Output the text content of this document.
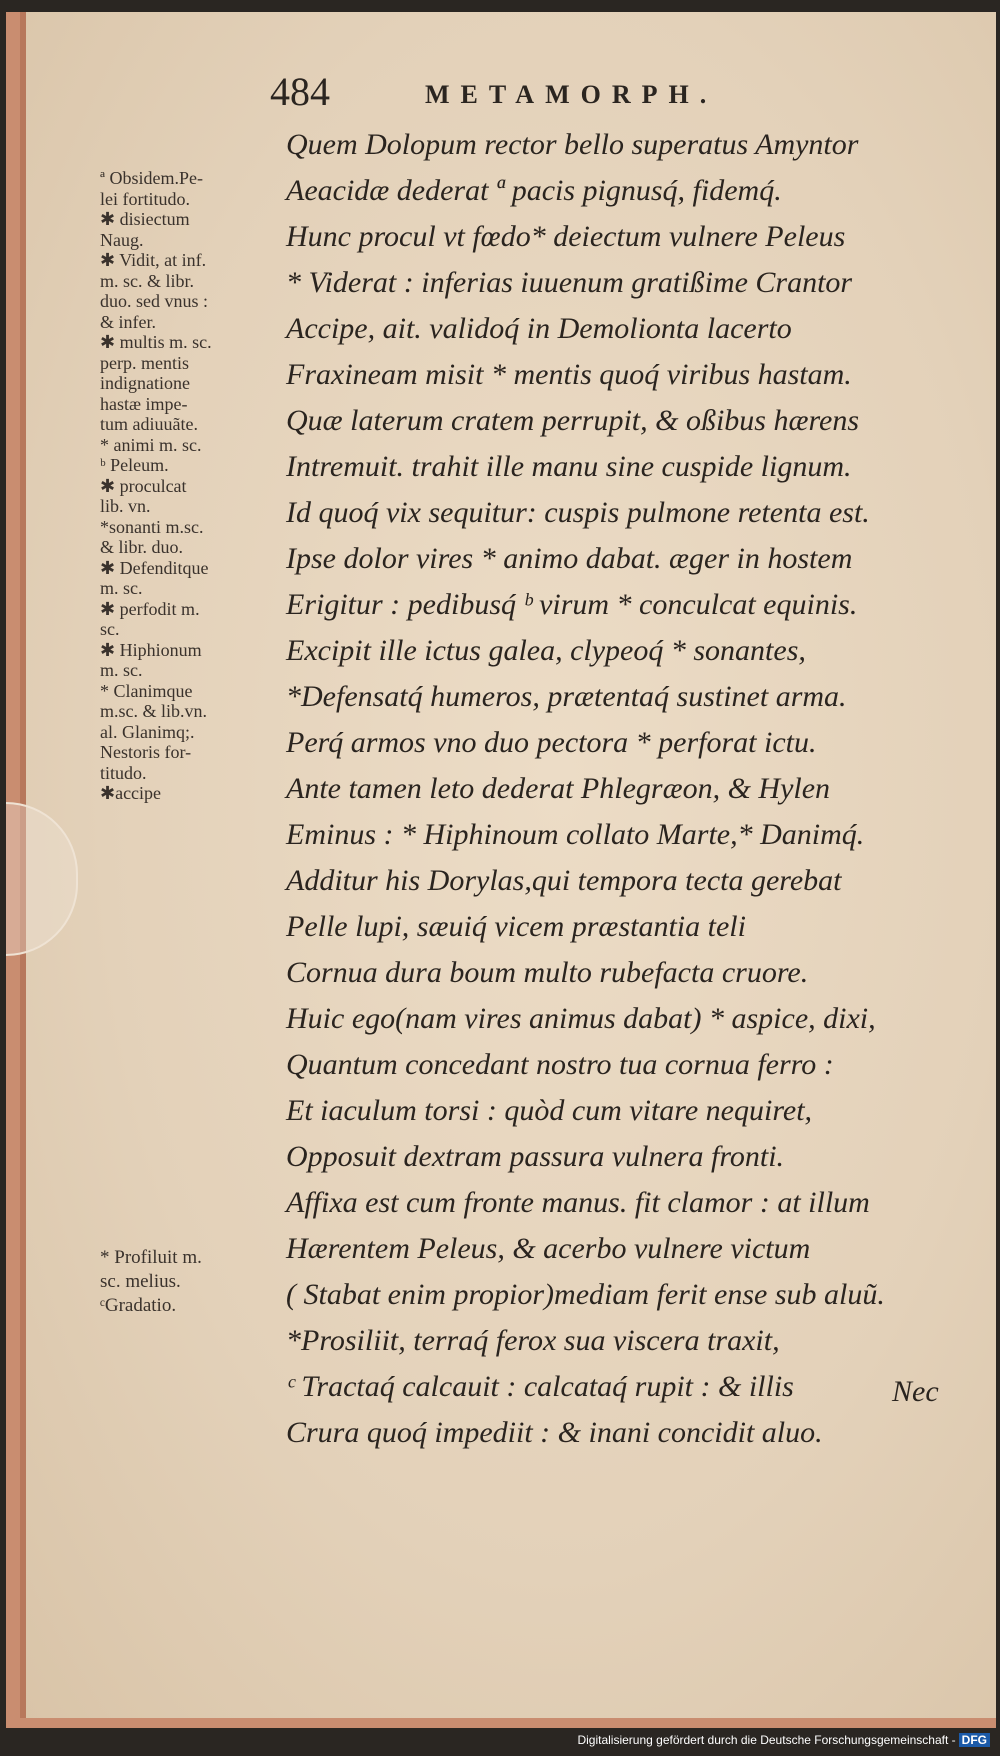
484	METAMORPH.

ª Obsidem.Pe-
lei fortitudo.
✱ disiectum
Naug.
✱ Vidit, at inf.
m. sc. & libr.
duo. sed vnus :
& infer.
✱ multis m. sc.
perp. mentis
indignatione
hastæ impe-
tum adiuuãte.
* animi m. sc.
ᵇ Peleum.
✱ proculcat
lib. vn.
*sonanti m.sc.
& libr. duo.
✱ Defenditque
m. sc.
✱ perfodit m.
sc.
✱ Hiphionum
m. sc.
* Clanimque
m.sc. & lib.vn.
al. Glanimq;.
Nestoris for-
titudo.
✱accipe

* Profiluit m.
sc. melius.
ᶜGradatio.

Quem Dolopum rector bello superatus Amyntor
Aeacidæ dederat ª pacis pignusq́, fidemq́.
Hunc procul vt fœdo* deiectum vulnere Peleus
* Viderat : inferias iuuenum gratißime Crantor
Accipe, ait. validoq́ in Demolionta lacerto
Fraxineam misit * mentis quoq́ viribus hastam.
Quæ laterum cratem perrupit, & oßibus hærens
Intremuit. trahit ille manu sine cuspide lignum.
Id quoq́ vix sequitur: cuspis pulmone retenta est.
Ipse dolor vires * animo dabat. æger in hostem
Erigitur : pedibusq́ ᵇ virum * conculcat equinis.
Excipit ille ictus galea, clypeoq́ * sonantes,
*Defensatq́ humeros, prætentaq́ sustinet arma.
Perq́ armos vno duo pectora * perforat ictu.
Ante tamen leto dederat Phlegræon, & Hylen
Eminus : * Hiphinoum collato Marte,* Danimq́.
Additur his Dorylas,qui tempora tecta gerebat
Pelle lupi, sæuiq́ vicem præstantia teli
Cornua dura boum multo rubefacta cruore.
Huic ego(nam vires animus dabat) * aspice, dixi,
Quantum concedant nostro tua cornua ferro :
Et iaculum torsi : quòd cum vitare nequiret,
Opposuit dextram passura vulnera fronti.
Affixa est cum fronte manus. fit clamor : at illum
Hærentem Peleus, & acerbo vulnere victum
( Stabat enim propior)mediam ferit ense sub aluũ.
*Prosiliit, terraq́ ferox sua viscera traxit,
ᶜ Tractaq́ calcauit : calcataq́ rupit : & illis
Crura quoq́ impediit : & inani concidit aluo.
Nec
Digitalisierung gefördert durch die Deutsche Forschungsgemeinschaft - DFG
